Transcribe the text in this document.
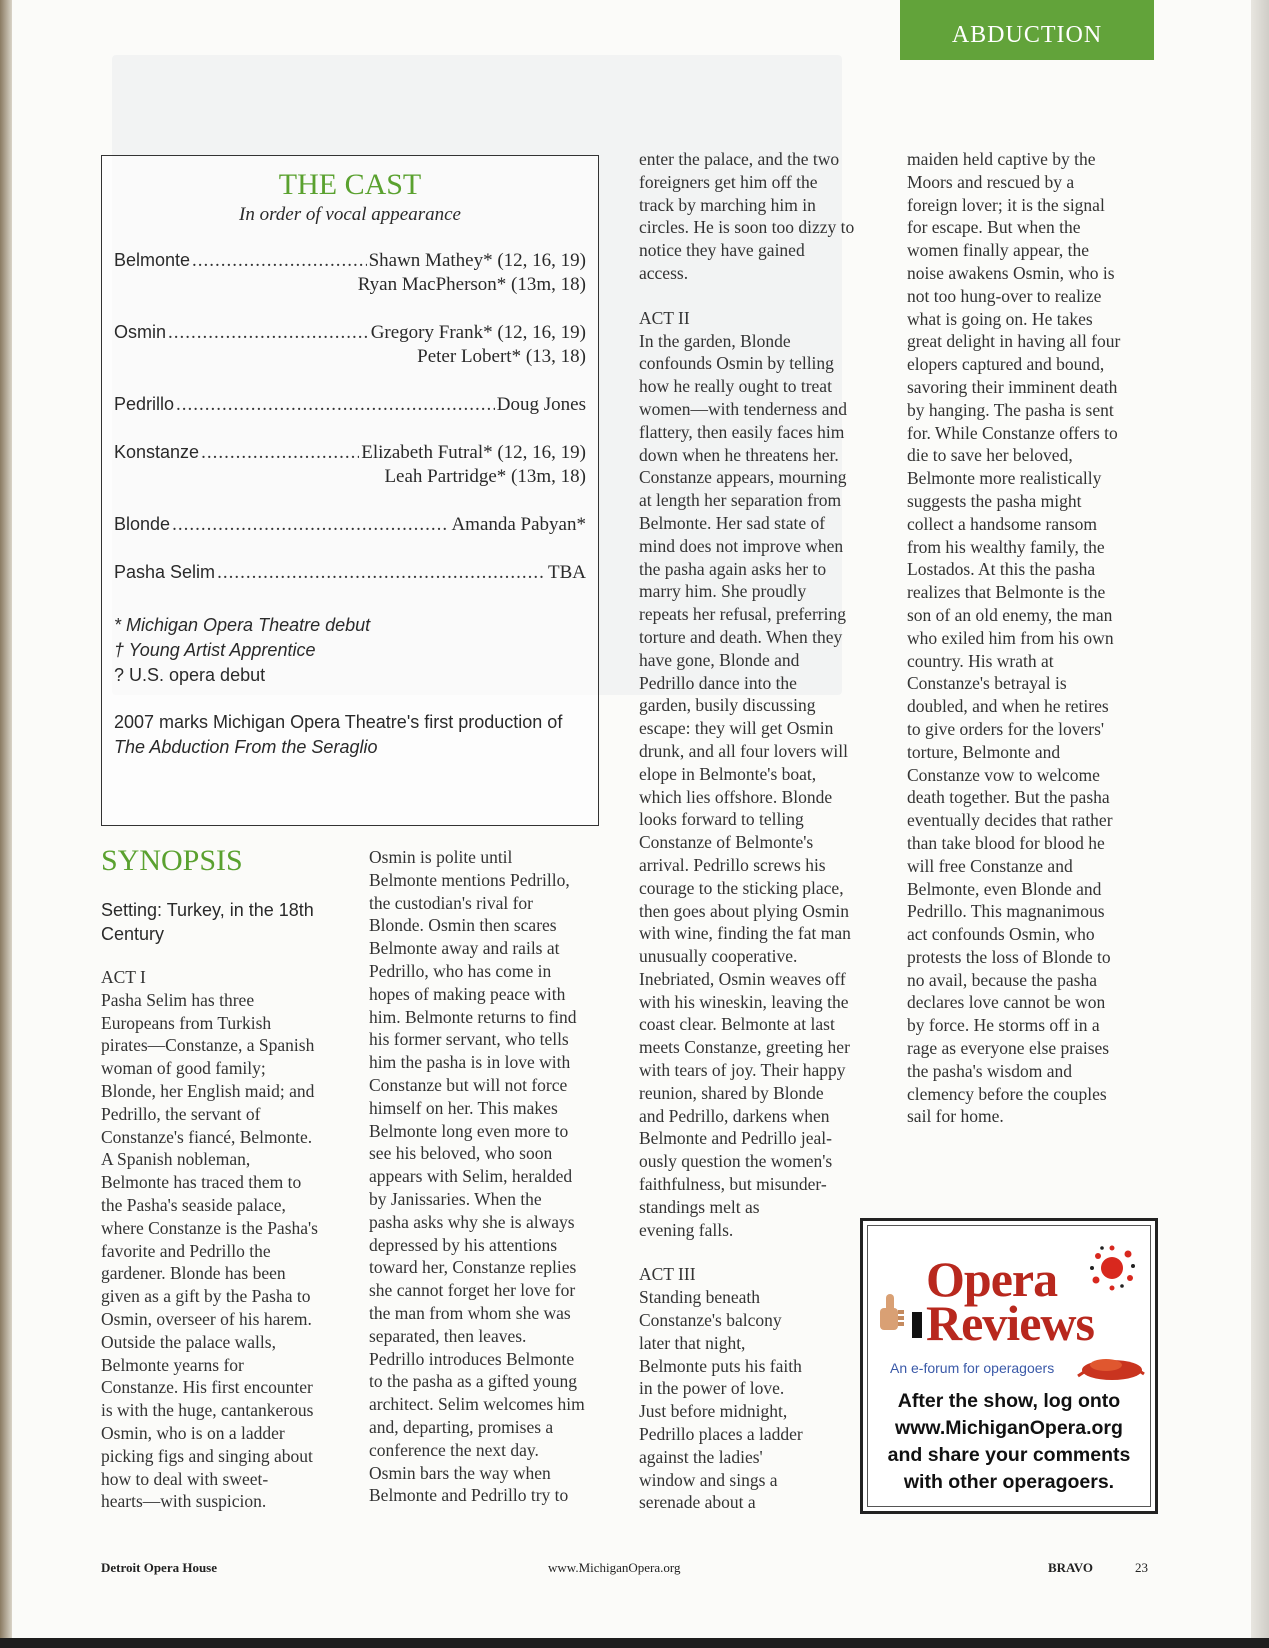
ABDUCTION
THE CAST
In order of vocal appearance
Belmonte .....	Shawn Mathey* (12, 16, 19)
Ryan MacPherson* (13m, 18)
Osmin .....	Gregory Frank* (12, 16, 19)
Peter Lobert* (13, 18)
Pedrillo .....	Doug Jones
Konstanze .....	Elizabeth Futral* (12, 16, 19)
Leah Partridge* (13m, 18)
Blonde .....	Amanda Pabyan*
Pasha Selim .....	TBA
* Michigan Opera Theatre debut
† Young Artist Apprentice
? U.S. opera debut
2007 marks Michigan Opera Theatre's first production of The Abduction From the Seraglio
SYNOPSIS
Setting: Turkey, in the 18th Century

ACT I

Pasha Selim has three

Europeans from Turkish

pirates—Constanze, a Spanish

woman of good family;

Blonde, her English maid; and

Pedrillo, the servant of

Constanze's fiancé, Belmonte.

A Spanish nobleman,

Belmonte has traced them to

the Pasha's seaside palace,

where Constanze is the Pasha's

favorite and Pedrillo the

gardener. Blonde has been

given as a gift by the Pasha to

Osmin, overseer of his harem.

Outside the palace walls,

Belmonte yearns for

Constanze. His first encounter

is with the huge, cantankerous

Osmin, who is on a ladder

picking figs and singing about

how to deal with sweet-

hearts—with suspicion.

Osmin is polite until

Belmonte mentions Pedrillo,

the custodian's rival for

Blonde. Osmin then scares

Belmonte away and rails at

Pedrillo, who has come in

hopes of making peace with

him. Belmonte returns to find

his former servant, who tells

him the pasha is in love with

Constanze but will not force

himself on her. This makes

Belmonte long even more to

see his beloved, who soon

appears with Selim, heralded

by Janissaries. When the

pasha asks why she is always

depressed by his attentions

toward her, Constanze replies

she cannot forget her love for

the man from whom she was

separated, then leaves.

Pedrillo introduces Belmonte

to the pasha as a gifted young

architect. Selim welcomes him

and, departing, promises a

conference the next day.

Osmin bars the way when

Belmonte and Pedrillo try to

enter the palace, and the two

foreigners get him off the

track by marching him in

circles. He is soon too dizzy to

notice they have gained

access.

ACT II

In the garden, Blonde

confounds Osmin by telling

how he really ought to treat

women—with tenderness and

flattery, then easily faces him

down when he threatens her.

Constanze appears, mourning

at length her separation from

Belmonte. Her sad state of

mind does not improve when

the pasha again asks her to

marry him. She proudly

repeats her refusal, preferring

torture and death. When they

have gone, Blonde and

Pedrillo dance into the

garden, busily discussing

escape: they will get Osmin

drunk, and all four lovers will

elope in Belmonte's boat,

which lies offshore. Blonde

looks forward to telling

Constanze of Belmonte's

arrival. Pedrillo screws his

courage to the sticking place,

then goes about plying Osmin

with wine, finding the fat man

unusually cooperative.

Inebriated, Osmin weaves off

with his wineskin, leaving the

coast clear. Belmonte at last

meets Constanze, greeting her

with tears of joy. Their happy

reunion, shared by Blonde

and Pedrillo, darkens when

Belmonte and Pedrillo jeal-

ously question the women's

faithfulness, but misunder-

standings melt as

evening falls.

ACT III

Standing beneath

Constanze's balcony

later that night,

Belmonte puts his faith

in the power of love.

Just before midnight,

Pedrillo places a ladder

against the ladies'

window and sings a

serenade about a

maiden held captive by the

Moors and rescued by a

foreign lover; it is the signal

for escape. But when the

women finally appear, the

noise awakens Osmin, who is

not too hung-over to realize

what is going on. He takes

great delight in having all four

elopers captured and bound,

savoring their imminent death

by hanging. The pasha is sent

for. While Constanze offers to

die to save her beloved,

Belmonte more realistically

suggests the pasha might

collect a handsome ransom

from his wealthy family, the

Lostados. At this the pasha

realizes that Belmonte is the

son of an old enemy, the man

who exiled him from his own

country. His wrath at

Constanze's betrayal is

doubled, and when he retires

to give orders for the lovers'

torture, Belmonte and

Constanze vow to welcome

death together. But the pasha

eventually decides that rather

than take blood for blood he

will free Constanze and

Belmonte, even Blonde and

Pedrillo. This magnanimous

act confounds Osmin, who

protests the loss of Blonde to

no avail, because the pasha

declares love cannot be won

by force. He storms off in a

rage as everyone else praises

the pasha's wisdom and

clemency before the couples

sail for home.

Opera
Reviews
An e-forum for operagoers
After the show, log onto
www.MichiganOpera.org
and share your comments
with other operagoers.
Detroit Opera House	www.MichiganOpera.org	BRAVO	23
